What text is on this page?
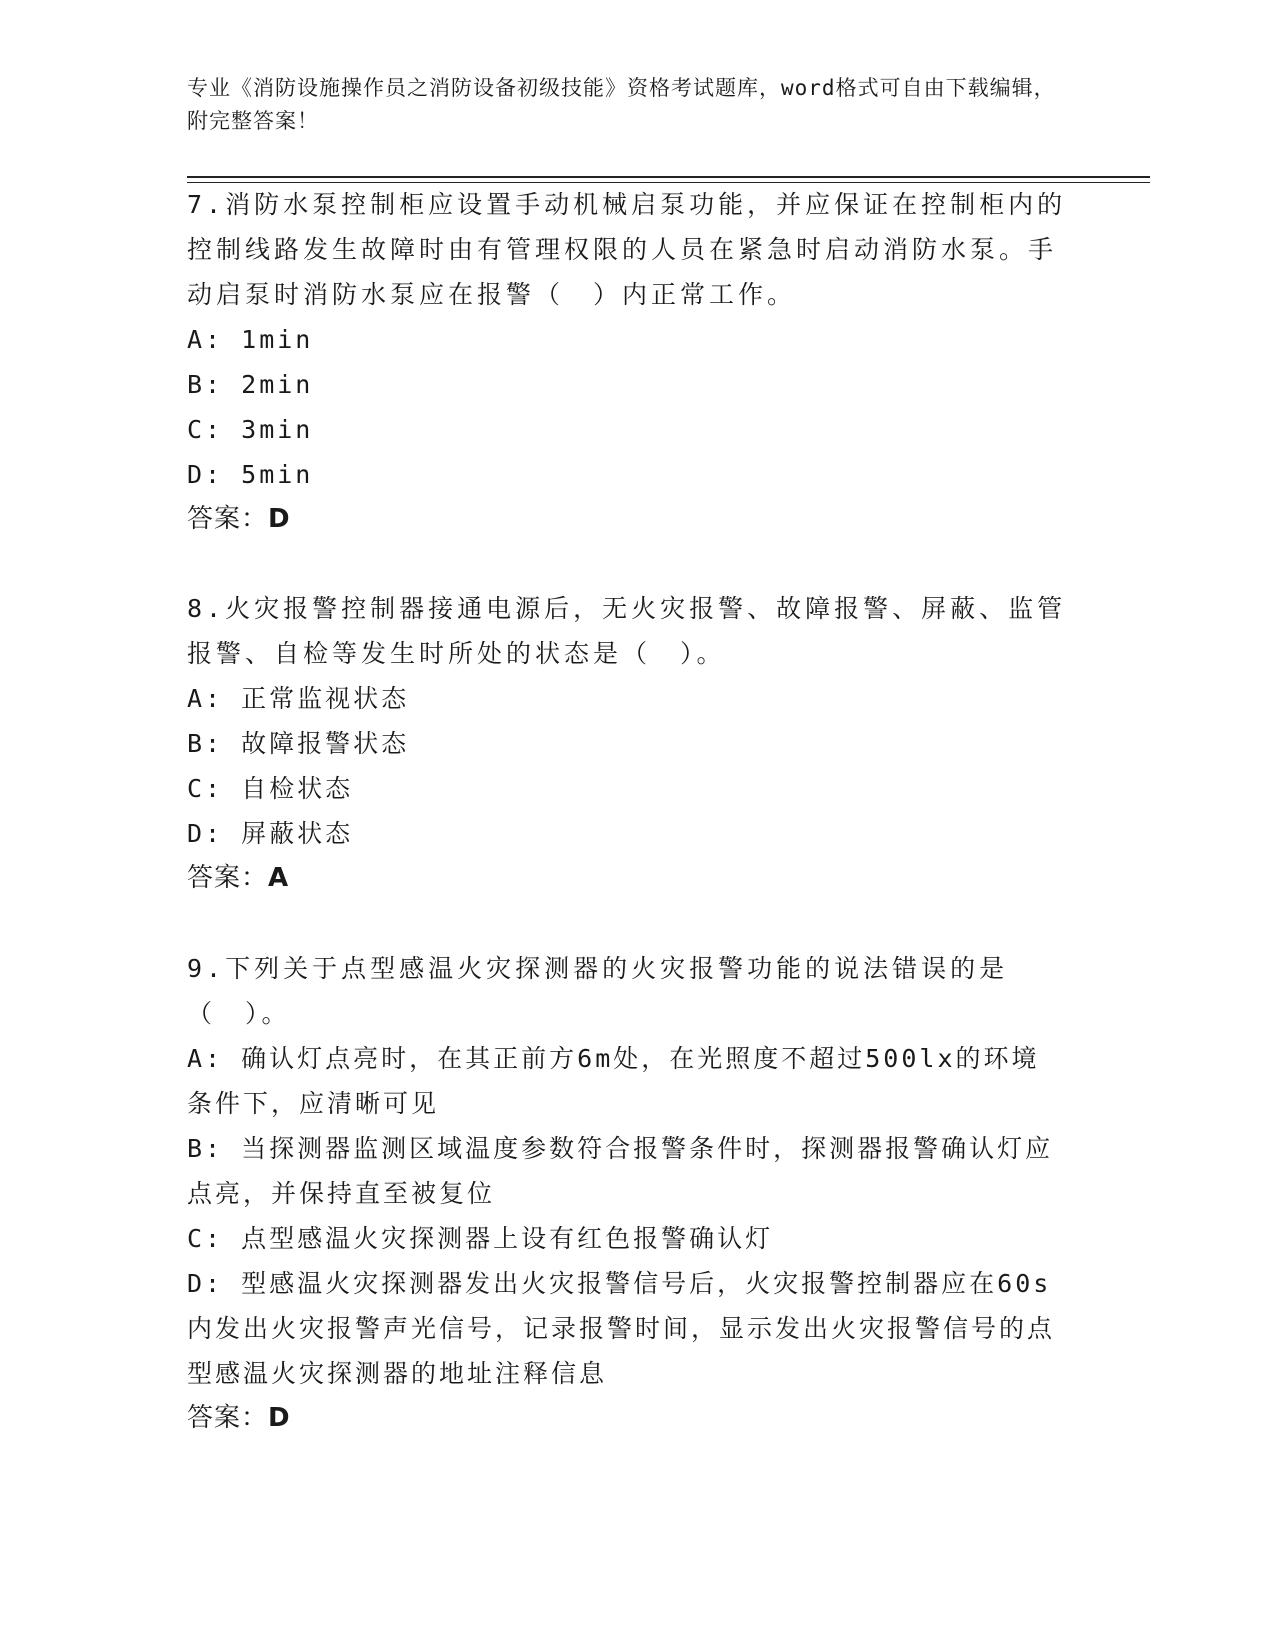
专业《消防设施操作员之消防设备初级技能》资格考试题库，word格式可自由下载编辑，附完整答案！

7.消防水泵控制柜应设置手动机械启泵功能，并应保证在控制柜内的控制线路发生故障时由有管理权限的人员在紧急时启动消防水泵。手动启泵时消防水泵应在报警（　）内正常工作。

A: 1min

B: 2min

C: 3min

D: 5min

答案：D

8.火灾报警控制器接通电源后，无火灾报警、故障报警、屏蔽、监管报警、自检等发生时所处的状态是（　）。

A: 正常监视状态

B: 故障报警状态

C: 自检状态

D: 屏蔽状态

答案：A

9.下列关于点型感温火灾探测器的火灾报警功能的说法错误的是（　）。

A: 确认灯点亮时，在其正前方6m处，在光照度不超过500lx的环境条件下，应清晰可见

B: 当探测器监测区域温度参数符合报警条件时，探测器报警确认灯应点亮，并保持直至被复位

C: 点型感温火灾探测器上设有红色报警确认灯

D: 型感温火灾探测器发出火灾报警信号后，火灾报警控制器应在60s内发出火灾报警声光信号，记录报警时间，显示发出火灾报警信号的点型感温火灾探测器的地址注释信息

答案：D
